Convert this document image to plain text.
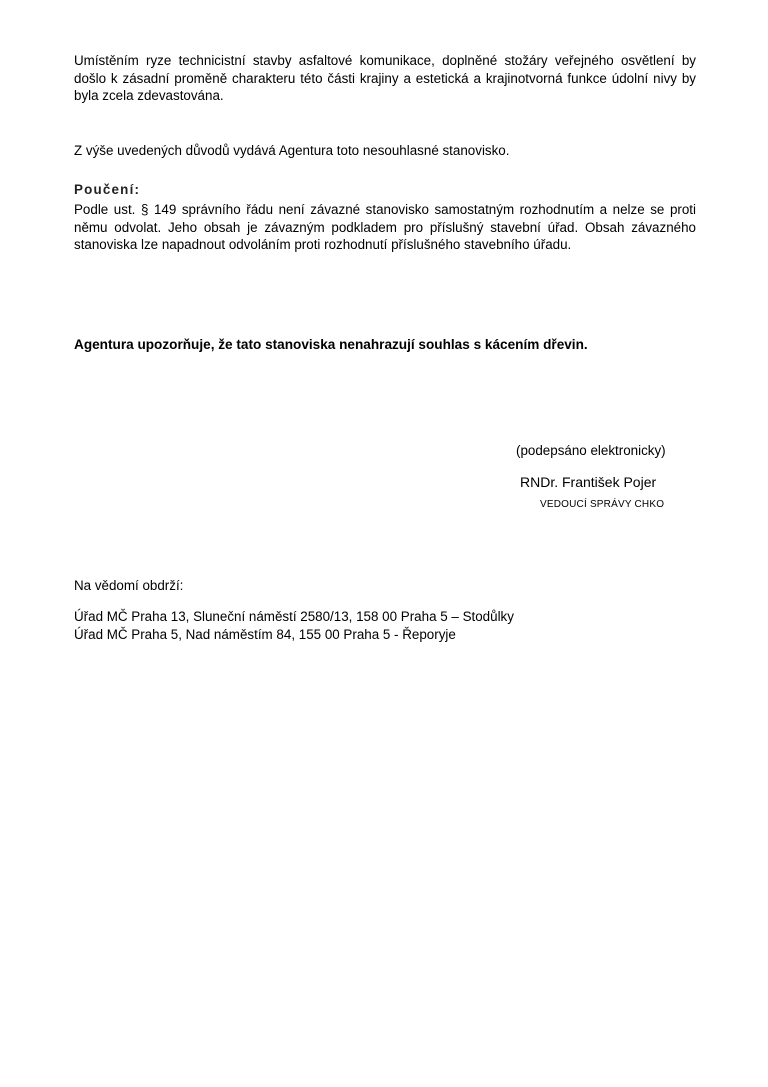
Umístěním ryze technicistní stavby asfaltové komunikace, doplněné stožáry veřejného osvětlení by došlo k zásadní proměně charakteru této části krajiny a estetická a krajinotvorná funkce údolní nivy by byla zcela zdevastována.
Z výše uvedených důvodů vydává Agentura toto nesouhlasné stanovisko.
Poučení:
Podle ust. § 149 správního řádu není závazné stanovisko samostatným rozhodnutím a nelze se proti němu odvolat. Jeho obsah je závazným podkladem pro příslušný stavební úřad. Obsah závazného stanoviska lze napadnout odvoláním proti rozhodnutí příslušného stavebního úřadu.
Agentura upozorňuje, že tato stanoviska nenahrazují souhlas s kácením dřevin.
(podepsáno elektronicky)
RNDr. František Pojer
VEDOUCÍ SPRÁVY CHKO
Na vědomí obdrží:
Úřad MČ Praha 13, Sluneční náměstí 2580/13, 158 00 Praha 5 – Stodůlky
Úřad MČ Praha 5, Nad náměstím 84, 155 00 Praha 5 - Řeporyje
